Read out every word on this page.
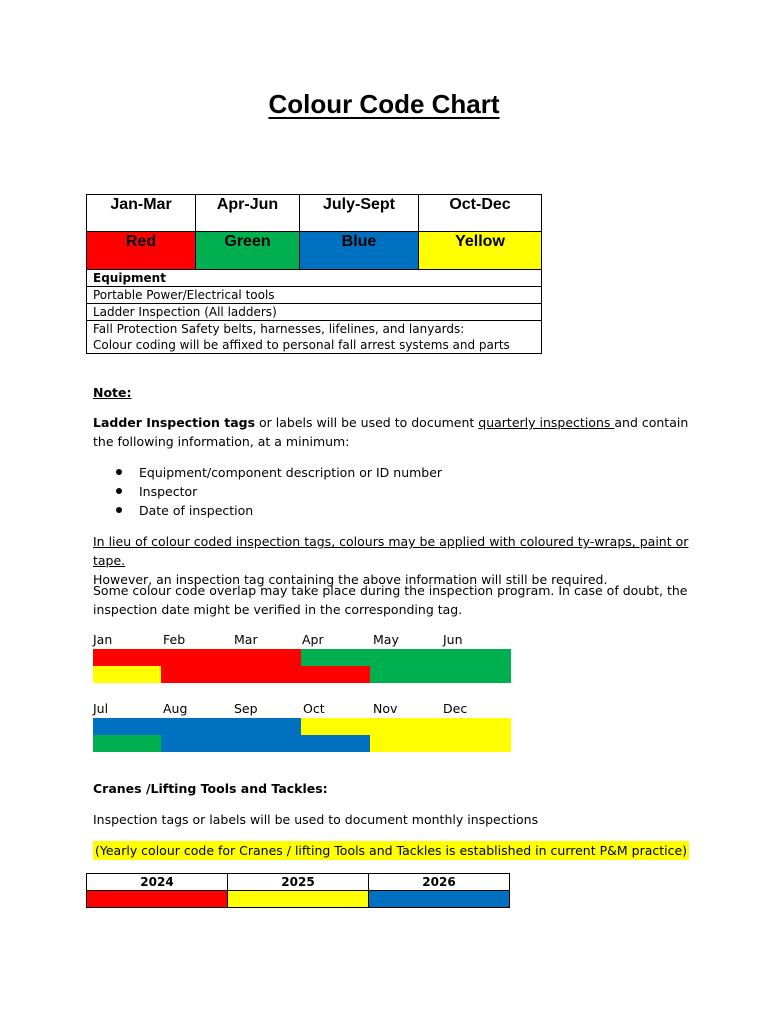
Colour Code Chart
Jan-Mar	Apr-Jun	July-Sept	Oct-Dec
Red	Green	Blue	Yellow
Equipment			
Portable Power/Electrical tools			
Ladder Inspection (All ladders)			

Fall Protection Safety belts, harnesses, lifelines, and lanyards:
Colour coding will be affixed to personal fall arrest systems and parts			

Note:

Ladder Inspection tags or labels will be used to document quarterly inspections and contain the following information, at a minimum:

Equipment/component description or ID number
Inspector
Date of inspection

In lieu of colour coded inspection tags, colours may be applied with coloured ty-wraps, paint or tape.
However, an inspection tag containing the above information will still be required.

Some colour code overlap may take place during the inspection program. In case of doubt, the inspection date might be verified in the corresponding tag.

Jan	Feb	Mar	Apr	May	Jun
Jul	Aug	Sep	Oct	Nov	Dec

Cranes /Lifting Tools and Tackles:

Inspection tags or labels will be used to document monthly inspections

(Yearly colour code for Cranes / lifting Tools and Tackles is established in current P&M practice)
2024	2025	2026
